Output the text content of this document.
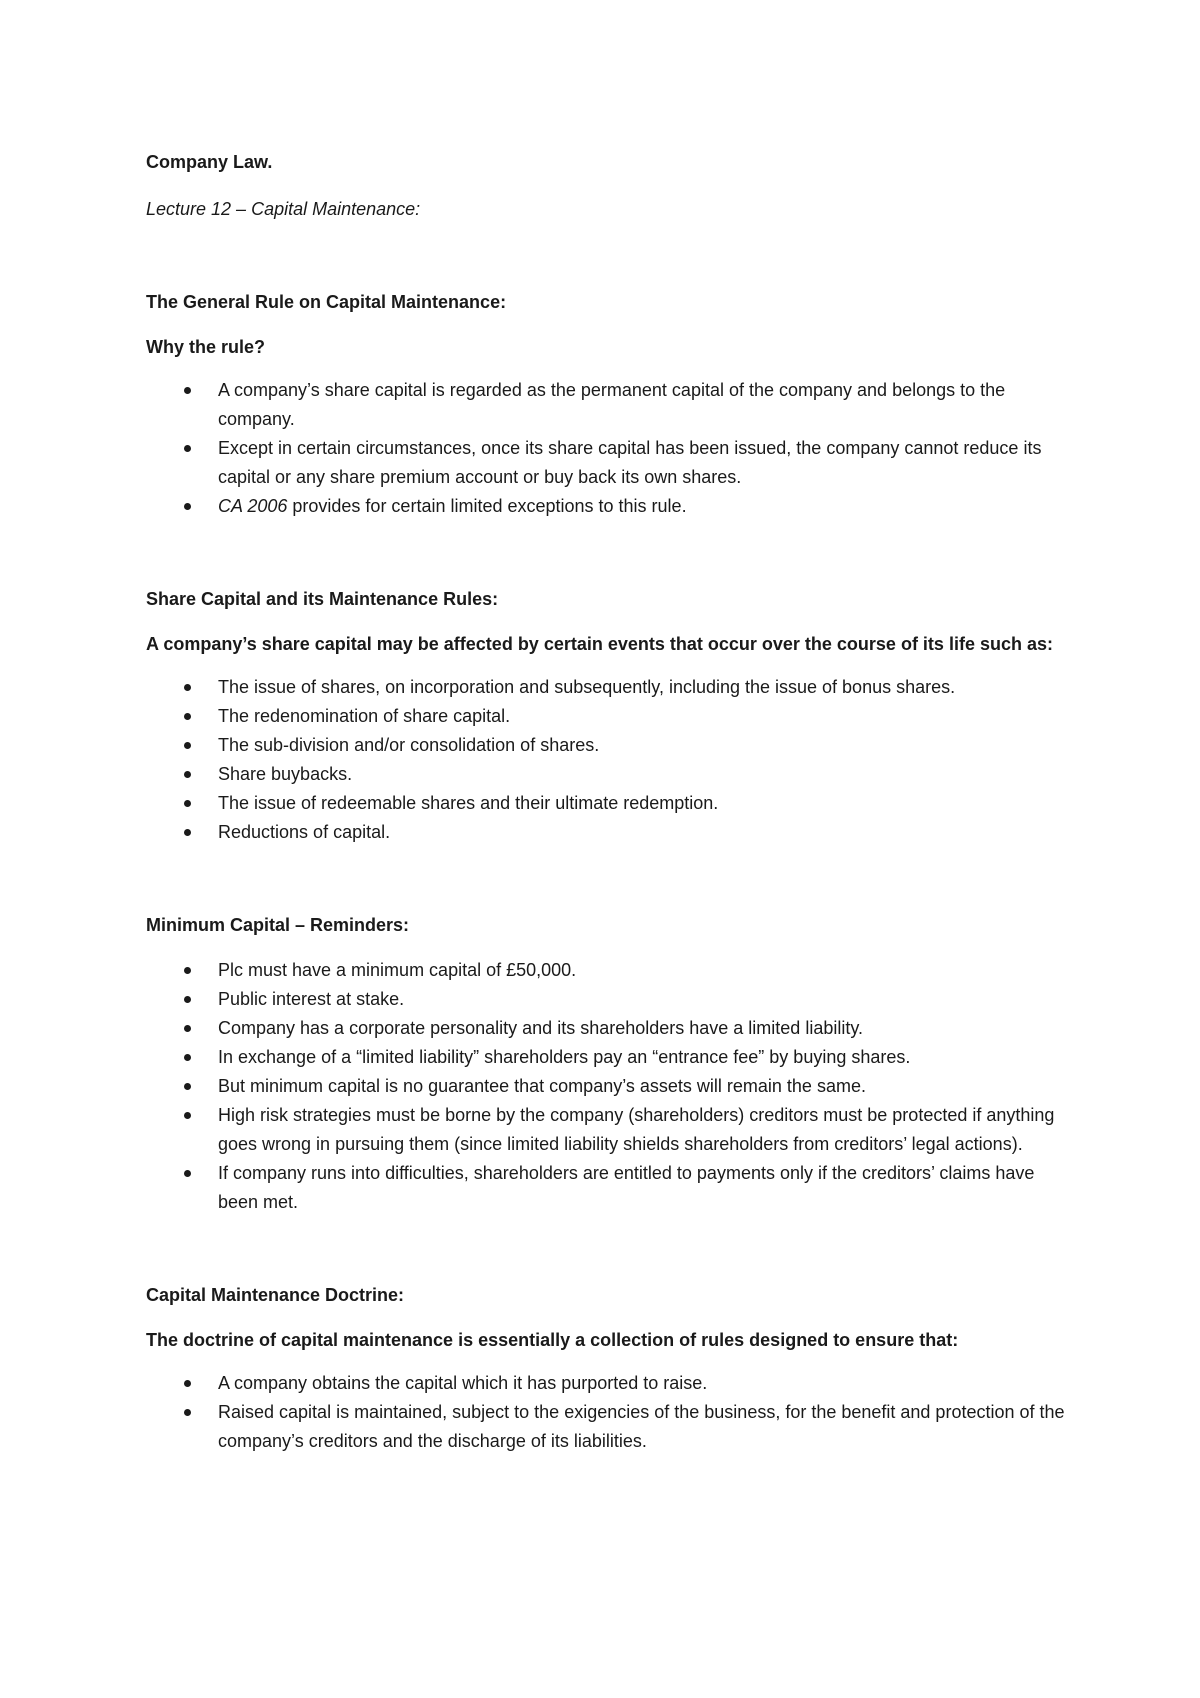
Company Law.

Lecture 12 – Capital Maintenance:

The General Rule on Capital Maintenance:

Why the rule?

A company’s share capital is regarded as the permanent capital of the company and belongs to the company.
Except in certain circumstances, once its share capital has been issued, the company cannot reduce its capital or any share premium account or buy back its own shares.
CA 2006 provides for certain limited exceptions to this rule.

Share Capital and its Maintenance Rules:

A company’s share capital may be affected by certain events that occur over the course of its life such as:

The issue of shares, on incorporation and subsequently, including the issue of bonus shares.
The redenomination of share capital.
The sub-division and/or consolidation of shares.
Share buybacks.
The issue of redeemable shares and their ultimate redemption.
Reductions of capital.

Minimum Capital – Reminders:

Plc must have a minimum capital of £50,000.
Public interest at stake.
Company has a corporate personality and its shareholders have a limited liability.
In exchange of a “limited liability” shareholders pay an “entrance fee” by buying shares.
But minimum capital is no guarantee that company’s assets will remain the same.
High risk strategies must be borne by the company (shareholders) creditors must be protected if anything goes wrong in pursuing them (since limited liability shields shareholders from creditors’ legal actions).
If company runs into difficulties, shareholders are entitled to payments only if the creditors’ claims have been met.

Capital Maintenance Doctrine:

The doctrine of capital maintenance is essentially a collection of rules designed to ensure that:

A company obtains the capital which it has purported to raise.
Raised capital is maintained, subject to the exigencies of the business, for the benefit and protection of the company’s creditors and the discharge of its liabilities.
